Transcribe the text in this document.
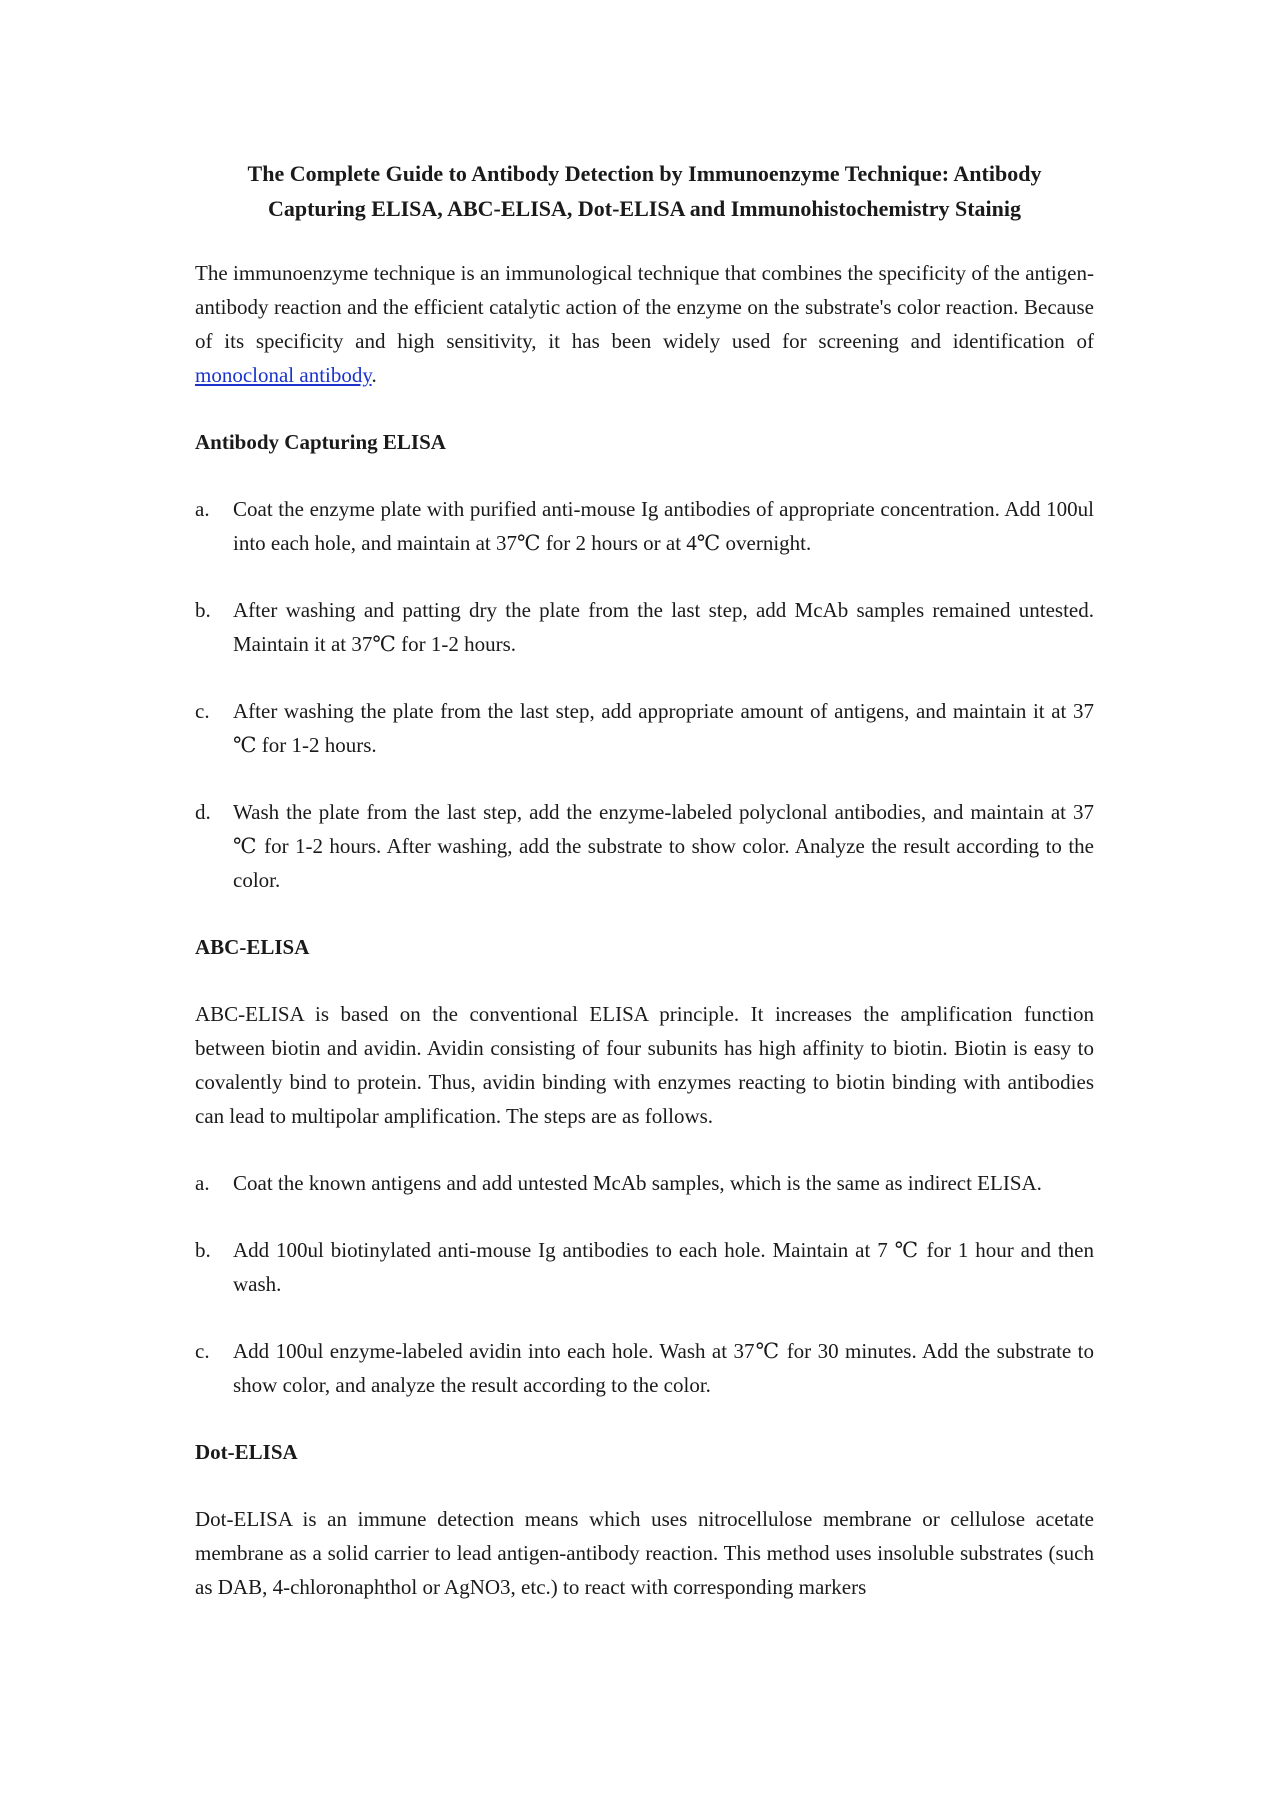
The Complete Guide to Antibody Detection by Immunoenzyme Technique: Antibody
Capturing ELISA, ABC-ELISA, Dot-ELISA and Immunohistochemistry Stainig

The immunoenzyme technique is an immunological technique that combines the specificity of the antigen-antibody reaction and the efficient catalytic action of the enzyme on the substrate's color reaction. Because of its specificity and high sensitivity, it has been widely used for screening and identification of monoclonal antibody.

Antibody Capturing ELISA
a. Coat the enzyme plate with purified anti-mouse Ig antibodies of appropriate concentration. Add 100ul into each hole, and maintain at 37℃ for 2 hours or at 4℃ overnight.
b. After washing and patting dry the plate from the last step, add McAb samples remained untested. Maintain it at 37℃ for 1-2 hours.
c. After washing the plate from the last step, add appropriate amount of antigens, and maintain it at 37 ℃ for 1-2 hours.
d. Wash the plate from the last step, add the enzyme-labeled polyclonal antibodies, and maintain at 37 ℃ for 1-2 hours. After washing, add the substrate to show color. Analyze the result according to the color.
ABC-ELISA

ABC-ELISA is based on the conventional ELISA principle. It increases the amplification function between biotin and avidin. Avidin consisting of four subunits has high affinity to biotin. Biotin is easy to covalently bind to protein. Thus, avidin binding with enzymes reacting to biotin binding with antibodies can lead to multipolar amplification. The steps are as follows.

a. Coat the known antigens and add untested McAb samples, which is the same as indirect ELISA.
b. Add 100ul biotinylated anti-mouse Ig antibodies to each hole. Maintain at 7 ℃ for 1 hour and then wash.
c. Add 100ul enzyme-labeled avidin into each hole. Wash at 37℃ for 30 minutes. Add the substrate to show color, and analyze the result according to the color.
Dot-ELISA

Dot-ELISA is an immune detection means which uses nitrocellulose membrane or cellulose acetate membrane as a solid carrier to lead antigen-antibody reaction. This method uses insoluble substrates (such as DAB, 4-chloronaphthol or AgNO3, etc.) to react with corresponding markers
